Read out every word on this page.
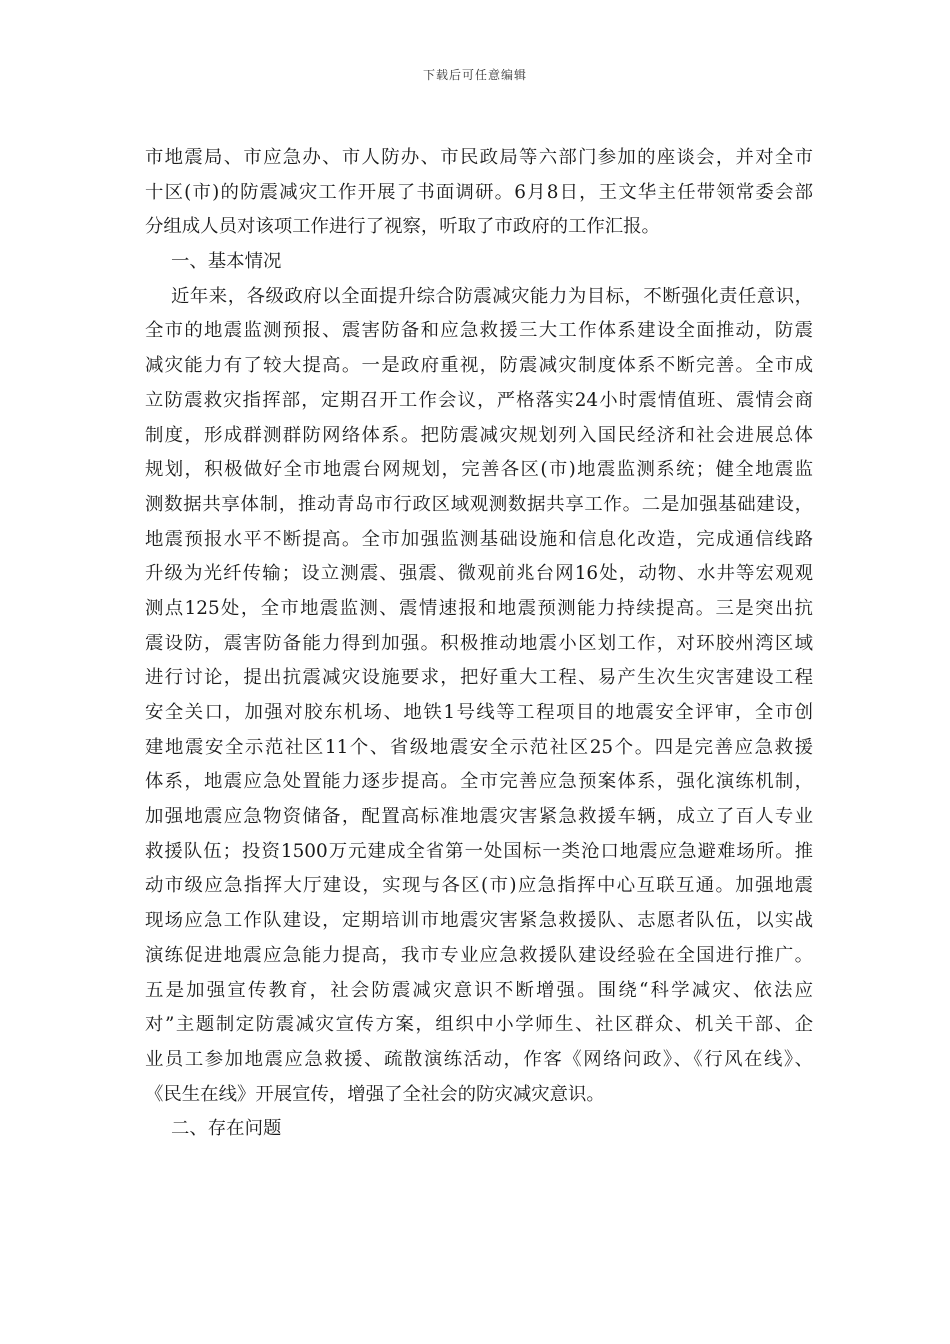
下载后可任意编辑
市地震局、市应急办、市人防办、市民政局等六部门参加的座谈会，并对全市
十区(市)的防震减灾工作开展了书面调研。6月8日，王文华主任带领常委会部
分组成人员对该项工作进行了视察，听取了市政府的工作汇报。
一、基本情况
近年来，各级政府以全面提升综合防震减灾能力为目标，不断强化责任意识，
全市的地震监测预报、震害防备和应急救援三大工作体系建设全面推动，防震
减灾能力有了较大提高。一是政府重视，防震减灾制度体系不断完善。全市成
立防震救灾指挥部，定期召开工作会议，严格落实24小时震情值班、震情会商
制度，形成群测群防网络体系。把防震减灾规划列入国民经济和社会进展总体
规划，积极做好全市地震台网规划，完善各区(市)地震监测系统；健全地震监
测数据共享体制，推动青岛市行政区域观测数据共享工作。二是加强基础建设，
地震预报水平不断提高。全市加强监测基础设施和信息化改造，完成通信线路
升级为光纤传输；设立测震、强震、微观前兆台网16处，动物、水井等宏观观
测点125处，全市地震监测、震情速报和地震预测能力持续提高。三是突出抗
震设防，震害防备能力得到加强。积极推动地震小区划工作，对环胶州湾区域
进行讨论，提出抗震减灾设施要求，把好重大工程、易产生次生灾害建设工程
安全关口，加强对胶东机场、地铁1号线等工程项目的地震安全评审，全市创
建地震安全示范社区11个、省级地震安全示范社区25个。四是完善应急救援
体系，地震应急处置能力逐步提高。全市完善应急预案体系，强化演练机制，
加强地震应急物资储备，配置高标准地震灾害紧急救援车辆，成立了百人专业
救援队伍；投资1500万元建成全省第一处国标一类沧口地震应急避难场所。推
动市级应急指挥大厅建设，实现与各区(市)应急指挥中心互联互通。加强地震
现场应急工作队建设，定期培训市地震灾害紧急救援队、志愿者队伍，以实战
演练促进地震应急能力提高，我市专业应急救援队建设经验在全国进行推广。
五是加强宣传教育，社会防震减灾意识不断增强。围绕“科学减灾、依法应
对”主题制定防震减灾宣传方案，组织中小学师生、社区群众、机关干部、企
业员工参加地震应急救援、疏散演练活动，作客《网络问政》、《行风在线》、
《民生在线》开展宣传，增强了全社会的防灾减灾意识。
二、存在问题
